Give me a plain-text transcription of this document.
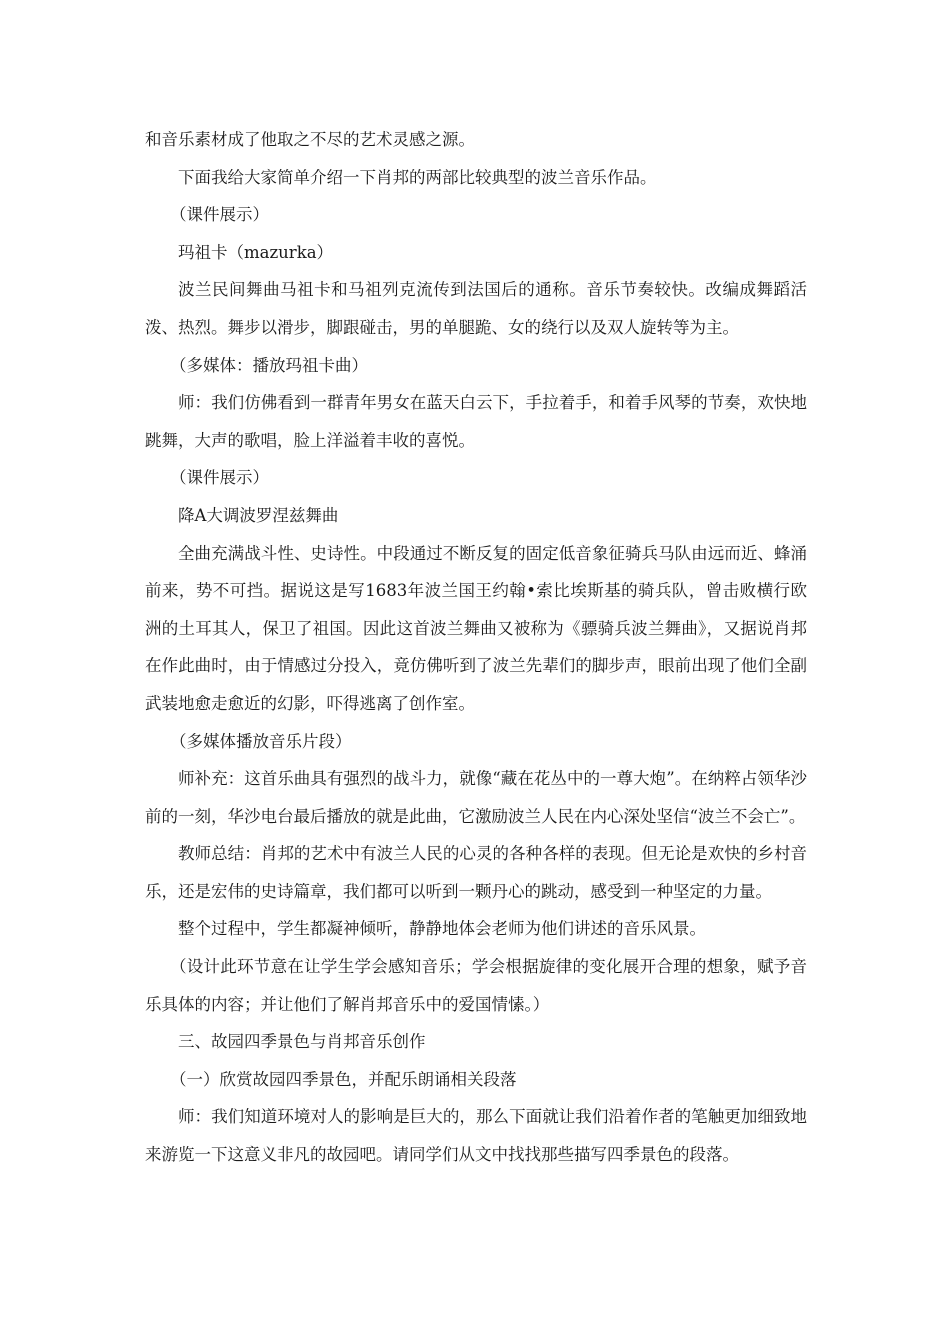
和音乐素材成了他取之不尽的艺术灵感之源。

下面我给大家简单介绍一下肖邦的两部比较典型的波兰音乐作品。

（课件展示）

玛祖卡（mazurka）

波兰民间舞曲马祖卡和马祖列克流传到法国后的通称。音乐节奏较快。改编成舞蹈活泼、热烈。舞步以滑步，脚跟碰击，男的单腿跪、女的绕行以及双人旋转等为主。

（多媒体：播放玛祖卡曲）

师：我们仿佛看到一群青年男女在蓝天白云下，手拉着手，和着手风琴的节奏，欢快地跳舞，大声的歌唱，脸上洋溢着丰收的喜悦。

（课件展示）

降A大调波罗涅兹舞曲

全曲充满战斗性、史诗性。中段通过不断反复的固定低音象征骑兵马队由远而近、蜂涌前来，势不可挡。据说这是写1683年波兰国王约翰•索比埃斯基的骑兵队，曾击败横行欧洲的土耳其人，保卫了祖国。因此这首波兰舞曲又被称为《骠骑兵波兰舞曲》，又据说肖邦在作此曲时，由于情感过分投入，竟仿佛听到了波兰先辈们的脚步声，眼前出现了他们全副武装地愈走愈近的幻影，吓得逃离了创作室。

（多媒体播放音乐片段）

师补充：这首乐曲具有强烈的战斗力，就像“藏在花丛中的一尊大炮”。在纳粹占领华沙前的一刻，华沙电台最后播放的就是此曲，它激励波兰人民在内心深处坚信“波兰不会亡”。

教师总结：肖邦的艺术中有波兰人民的心灵的各种各样的表现。但无论是欢快的乡村音乐，还是宏伟的史诗篇章，我们都可以听到一颗丹心的跳动，感受到一种坚定的力量。

整个过程中，学生都凝神倾听，静静地体会老师为他们讲述的音乐风景。

（设计此环节意在让学生学会感知音乐；学会根据旋律的变化展开合理的想象，赋予音乐具体的内容；并让他们了解肖邦音乐中的爱国情愫。）

三、故园四季景色与肖邦音乐创作

（一）欣赏故园四季景色，并配乐朗诵相关段落

师：我们知道环境对人的影响是巨大的，那么下面就让我们沿着作者的笔触更加细致地来游览一下这意义非凡的故园吧。请同学们从文中找找那些描写四季景色的段落。
